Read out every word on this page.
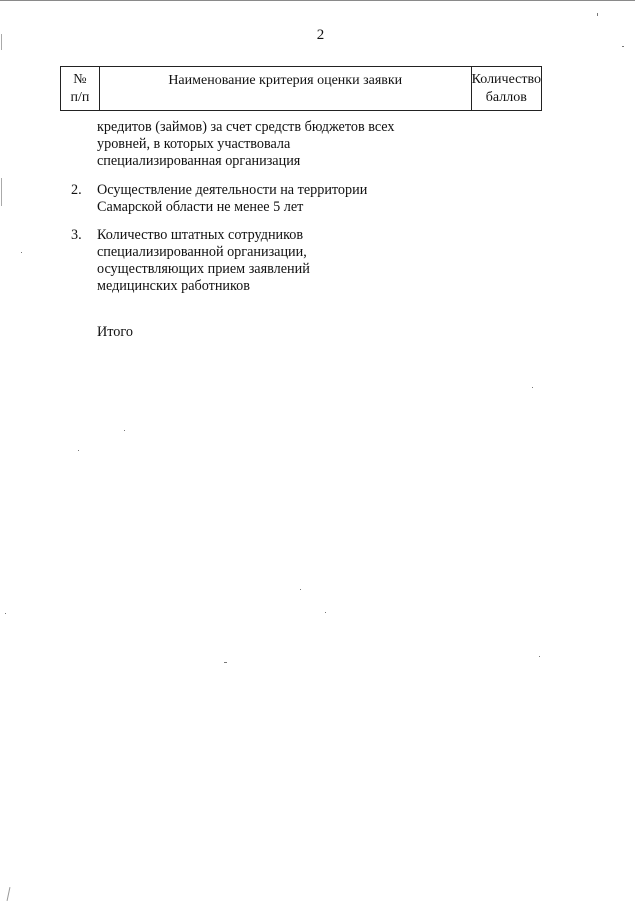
2
№
п/п
Наименование критерия оценки заявки	Количество
баллов
кредитов (займов) за счет средств бюджетов всех
уровней, в которых участвовала
специализированная организация
2. Осуществление деятельности на территории
Самарской области не менее 5 лет
3. Количество штатных сотрудников
специализированной организации,
осуществляющих прием заявлений
медицинских работников
Итого
